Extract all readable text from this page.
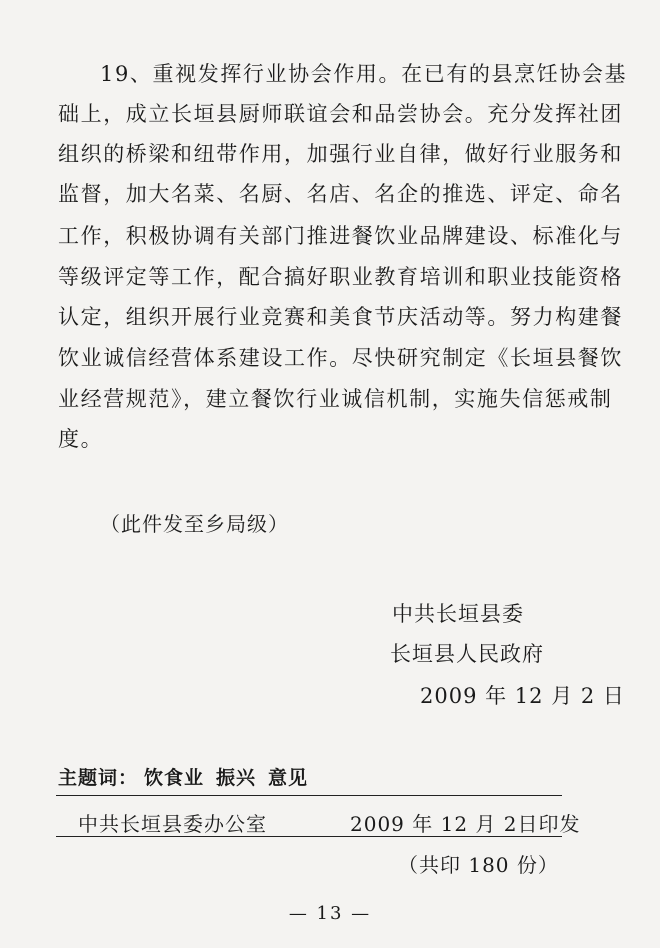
19、重视发挥行业协会作用。在已有的县烹饪协会基
础上，成立长垣县厨师联谊会和品尝协会。充分发挥社团
组织的桥梁和纽带作用，加强行业自律，做好行业服务和
监督，加大名菜、名厨、名店、名企的推选、评定、命名
工作，积极协调有关部门推进餐饮业品牌建设、标准化与
等级评定等工作，配合搞好职业教育培训和职业技能资格
认定，组织开展行业竞赛和美食节庆活动等。努力构建餐
饮业诚信经营体系建设工作。尽快研究制定《长垣县餐饮
业经营规范》，建立餐饮行业诚信机制，实施失信惩戒制
度。
（此件发至乡局级）
中共长垣县委
长垣县人民政府
2009 年 12 月 2 日
主题词： 饮食业 振兴 意见
中共长垣县委办公室	2009 年 12 月 2日印发
（共印 180 份）
— 13 —
